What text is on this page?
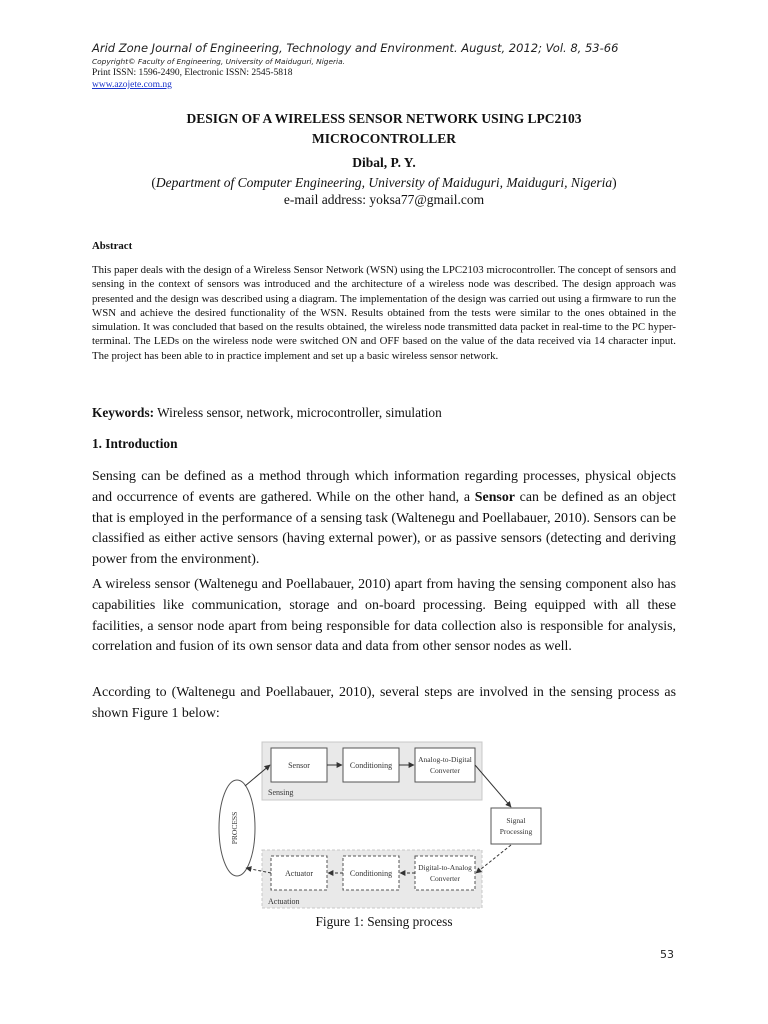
Arid Zone Journal of Engineering, Technology and Environment. August, 2012; Vol. 8, 53-66
Copyright© Faculty of Engineering, University of Maiduguri, Nigeria.
Print ISSN: 1596-2490, Electronic ISSN: 2545-5818
www.azojete.com.ng
DESIGN OF A WIRELESS SENSOR NETWORK USING LPC2103
MICROCONTROLLER
Dibal, P. Y.
(Department of Computer Engineering, University of Maiduguri, Maiduguri, Nigeria)
e-mail address: yoksa77@gmail.com
Abstract
This paper deals with the design of a Wireless Sensor Network (WSN) using the LPC2103 microcontroller. The concept of sensors and sensing in the context of sensors was introduced and the architecture of a wireless node was described. The design approach was presented and the design was described using a diagram. The implementation of the design was carried out using a firmware to run the WSN and achieve the desired functionality of the WSN. Results obtained from the tests were similar to the ones obtained in the simulation. It was concluded that based on the results obtained, the wireless node transmitted data packet in real-time to the PC hyper-terminal. The LEDs on the wireless node were switched ON and OFF based on the value of the data received via 14 character input. The project has been able to in practice implement and set up a basic wireless sensor network.
Keywords: Wireless sensor, network, microcontroller, simulation
1. Introduction
Sensing can be defined as a method through which information regarding processes, physical objects and occurrence of events are gathered. While on the other hand, a Sensor can be defined as an object that is employed in the performance of a sensing task (Waltenegu and Poellabauer, 2010). Sensors can be classified as either active sensors (having external power), or as passive sensors (detecting and deriving power from the environment).
A wireless sensor (Waltenegu and Poellabauer, 2010) apart from having the sensing component also has capabilities like communication, storage and on-board processing. Being equipped with all these facilities, a sensor node apart from being responsible for data collection also is responsible for analysis, correlation and fusion of its own sensor data and data from other sensor nodes as well.
According to (Waltenegu and Poellabauer, 2010), several steps are involved in the sensing process as shown Figure 1 below:
Sensing
Actuation
PROCESS
Sensor	Conditioning
Analog-to-Digital
Converter
Signal
Processing
Actuator	Conditioning
Digital-to-Analog
Converter
Figure 1: Sensing process
53
